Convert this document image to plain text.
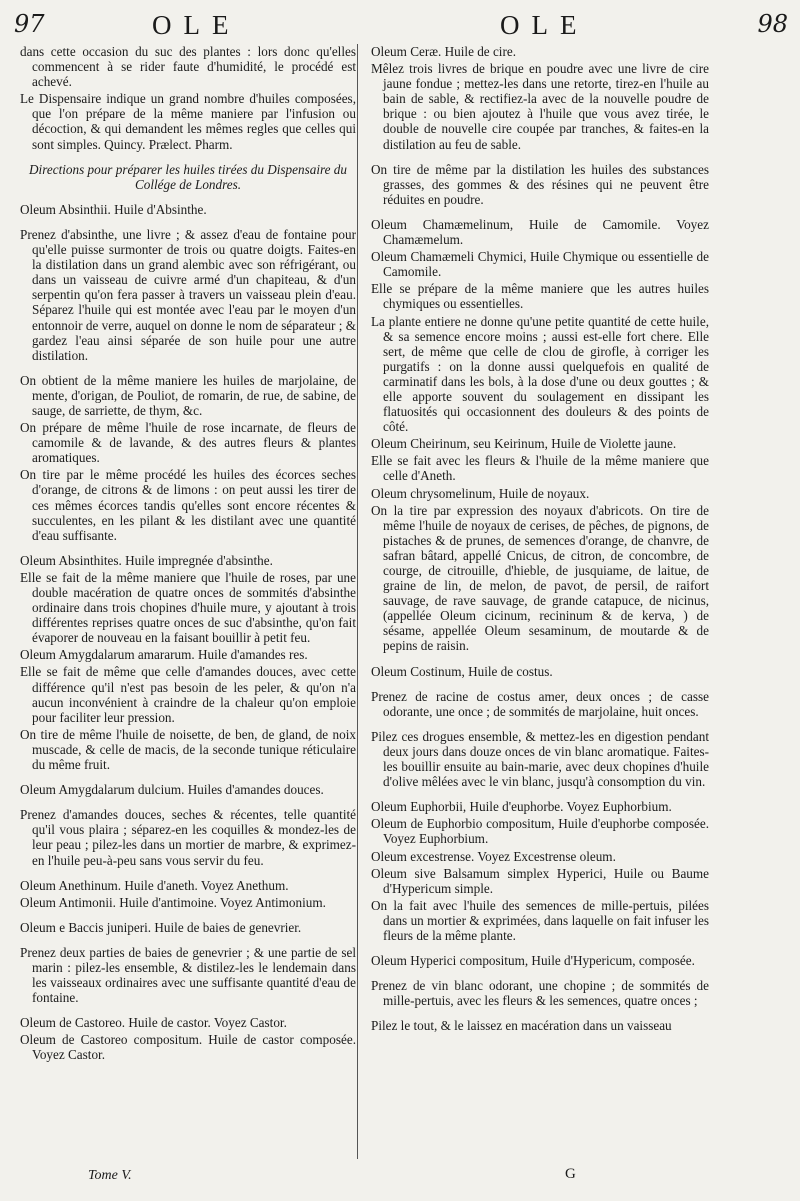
97	OLE	OLE	98

dans cette occasion du suc des plantes : lors donc qu'elles commencent à se rider faute d'humidité, le procédé est achevé.

Le Dispensaire indique un grand nombre d'huiles composées, que l'on prépare de la même maniere par l'infusion ou décoction, & qui demandent les mêmes regles que celles qui sont simples. Quincy. Prælect. Pharm.

Directions pour préparer les huiles tirées du Dispensaire du Collége de Londres.

Oleum Absinthii. Huile d'Absinthe.

Prenez d'absinthe, une livre ; & assez d'eau de fontaine pour qu'elle puisse surmonter de trois ou quatre doigts. Faites-en la distilation dans un grand alembic avec son réfrigérant, ou dans un vaisseau de cuivre armé d'un chapiteau, & d'un serpentin qu'on fera passer à travers un vaisseau plein d'eau. Séparez l'huile qui est montée avec l'eau par le moyen d'un entonnoir de verre, auquel on donne le nom de séparateur ; & gardez l'eau ainsi séparée de son huile pour une autre distilation.

On obtient de la même maniere les huiles de marjolaine, de mente, d'origan, de Pouliot, de romarin, de rue, de sabine, de sauge, de sarriette, de thym, &c.

On prépare de même l'huile de rose incarnate, de fleurs de camomile & de lavande, & des autres fleurs & plantes aromatiques.

On tire par le même procédé les huiles des écorces seches d'orange, de citrons & de limons : on peut aussi les tirer de ces mêmes écorces tandis qu'elles sont encore récentes & succulentes, en les pilant & les distilant avec une quantité d'eau suffisante.

Oleum Absinthites. Huile impregnée d'absinthe.

Elle se fait de la même maniere que l'huile de roses, par une double macération de quatre onces de sommités d'absinthe ordinaire dans trois chopines d'huile mure, y ajoutant à trois différentes reprises quatre onces de suc d'absinthe, qu'on fait évaporer de nouveau en la faisant bouillir à petit feu.

Oleum Amygdalarum amararum. Huile d'amandes res.

Elle se fait de même que celle d'amandes douces, avec cette différence qu'il n'est pas besoin de les peler, & qu'on n'a aucun inconvénient à craindre de la chaleur qu'on emploie pour faciliter leur pression.

On tire de même l'huile de noisette, de ben, de gland, de noix muscade, & celle de macis, de la seconde tunique réticulaire du même fruit.

Oleum Amygdalarum dulcium. Huiles d'amandes douces.

Prenez d'amandes douces, seches & récentes, telle quantité qu'il vous plaira ; séparez-en les coquilles & mondez-les de leur peau ; pilez-les dans un mortier de marbre, & exprimez-en l'huile peu-à-peu sans vous servir du feu.

Oleum Anethinum. Huile d'aneth. Voyez Anethum.

Oleum Antimonii. Huile d'antimoine. Voyez Antimonium.

Oleum e Baccis juniperi. Huile de baies de genevrier.

Prenez deux parties de baies de genevrier ; & une partie de sel marin : pilez-les ensemble, & distilez-les le lendemain dans les vaisseaux ordinaires avec une suffisante quantité d'eau de fontaine.

Oleum de Castoreo. Huile de castor. Voyez Castor.

Oleum de Castoreo compositum. Huile de castor composée. Voyez Castor.

Oleum Ceræ. Huile de cire.

Mêlez trois livres de brique en poudre avec une livre de cire jaune fondue ; mettez-les dans une retorte, tirez-en l'huile au bain de sable, & rectifiez-la avec de la nouvelle poudre de brique : ou bien ajoutez à l'huile que vous avez tirée, le double de nouvelle cire coupée par tranches, & faites-en la distilation au feu de sable.

On tire de même par la distilation les huiles des substances grasses, des gommes & des résines qui ne peuvent être réduites en poudre.

Oleum Chamæmelinum, Huile de Camomile. Voyez Chamæmelum.

Oleum Chamæmeli Chymici, Huile Chymique ou essentielle de Camomile.

Elle se prépare de la même maniere que les autres huiles chymiques ou essentielles.

La plante entiere ne donne qu'une petite quantité de cette huile, & sa semence encore moins ; aussi est-elle fort chere. Elle sert, de même que celle de clou de girofle, à corriger les purgatifs : on la donne aussi quelquefois en qualité de carminatif dans les bols, à la dose d'une ou deux gouttes ; & elle apporte souvent du soulagement en dissipant les flatuosités qui occasionnent des douleurs & des points de côté.

Oleum Cheirinum, seu Keirinum, Huile de Violette jaune.

Elle se fait avec les fleurs & l'huile de la même maniere que celle d'Aneth.

Oleum chrysomelinum, Huile de noyaux.

On la tire par expression des noyaux d'abricots. On tire de même l'huile de noyaux de cerises, de pêches, de pignons, de pistaches & de prunes, de semences d'orange, de chanvre, de safran bâtard, appellé Cnicus, de citron, de concombre, de courge, de citrouille, d'hieble, de jusquiame, de laitue, de graine de lin, de melon, de pavot, de persil, de raifort sauvage, de rave sauvage, de grande catapuce, de nicinus, (appellée Oleum cicinum, recininum & de kerva, ) de sésame, appellée Oleum sesaminum, de moutarde & de pepins de raisin.

Oleum Costinum, Huile de costus.

Prenez de racine de costus amer, deux onces ; de casse odorante, une once ; de sommités de marjolaine, huit onces.

Pilez ces drogues ensemble, & mettez-les en digestion pendant deux jours dans douze onces de vin blanc aromatique. Faites-les bouillir ensuite au bain-marie, avec deux chopines d'huile d'olive mêlées avec le vin blanc, jusqu'à consomption du vin.

Oleum Euphorbii, Huile d'euphorbe. Voyez Euphorbium.

Oleum de Euphorbio compositum, Huile d'euphorbe composée. Voyez Euphorbium.

Oleum excestrense. Voyez Excestrense oleum.

Oleum sive Balsamum simplex Hyperici, Huile ou Baume d'Hypericum simple.

On la fait avec l'huile des semences de mille-pertuis, pilées dans un mortier & exprimées, dans laquelle on fait infuser les fleurs de la même plante.

Oleum Hyperici compositum, Huile d'Hypericum, composée.

Prenez de vin blanc odorant, une chopine ; de sommités de mille-pertuis, avec les fleurs & les semences, quatre onces ;

Pilez le tout, & le laissez en macération dans un vaisseau

Tome V.	G
